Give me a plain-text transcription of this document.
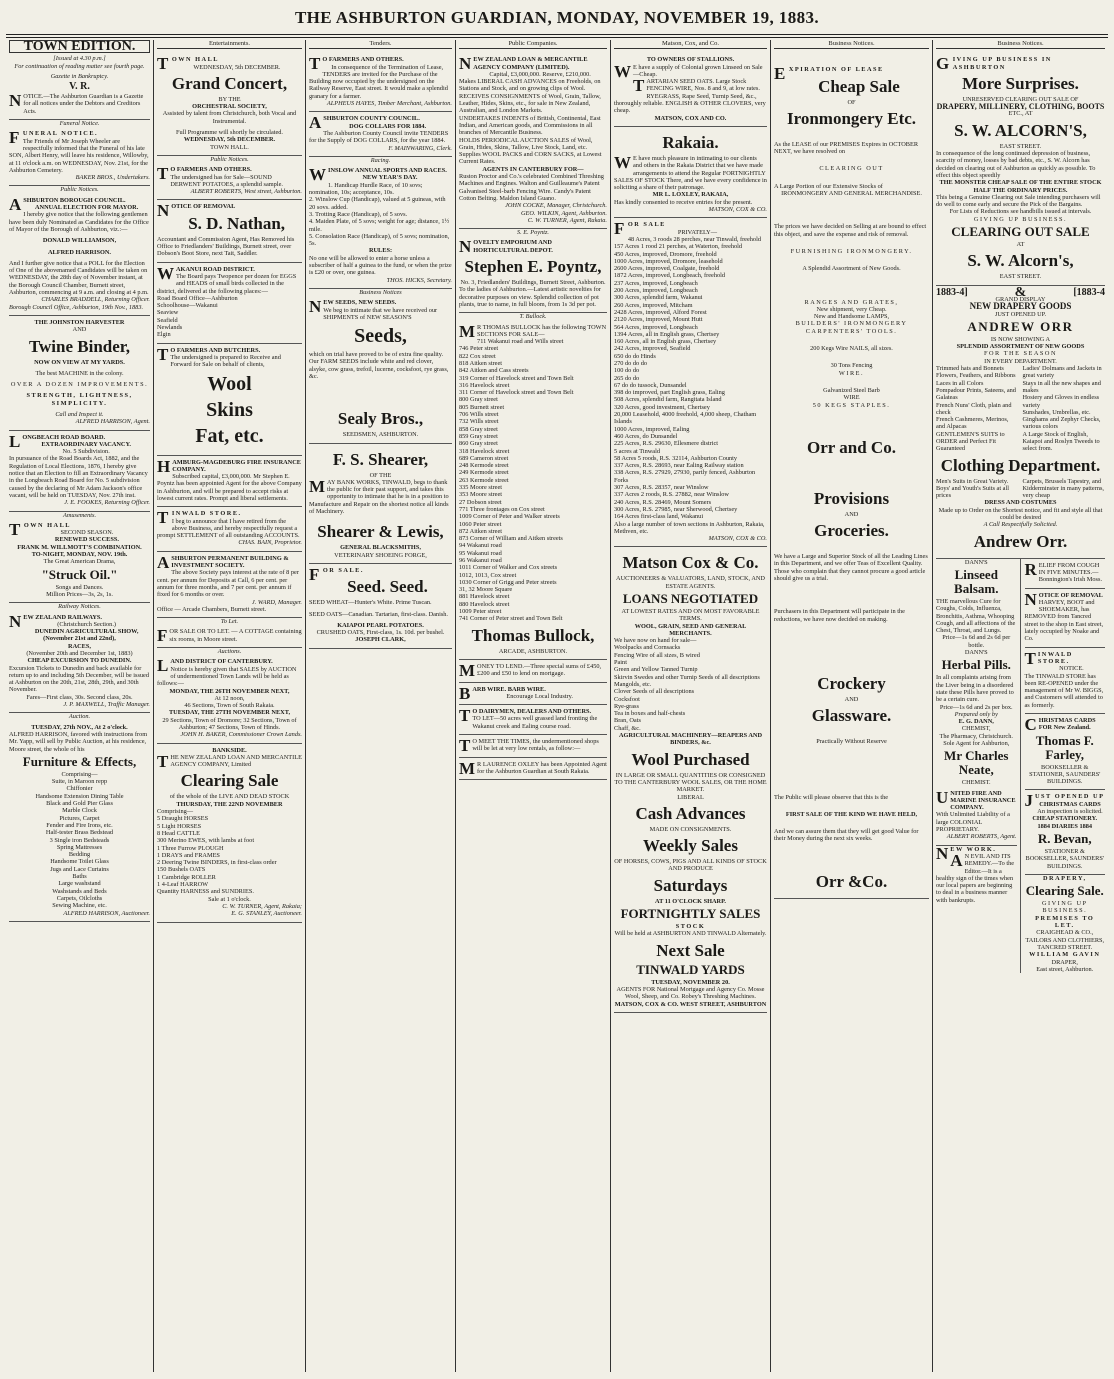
THE ASHBURTON GUARDIAN, MONDAY, NOVEMBER 19, 1883.
TOWN EDITION.
[Issued at 4.30 p.m.]
For continuation of reading matter see fourth page.
Gazette in Bankruptcy.
V. R.
NOTICE.—The Ashburton Guardian is a Gazette for all notices under the Debtors and Creditors Acts.
Funeral Notice.
FUNERAL NOTICE.
The Friends of Mr Joseph Wheeler are respectfully informed that the Funeral of his late SON, Albert Henry, will leave his residence, Willowby, at 11 o'clock a.m. on WEDNESDAY, Nov. 21st, for the Ashburton Cemetery.
BAKER BROS., Undertakers.
Public Notices.
ASHBURTON BOROUGH COUNCIL.
ANNUAL ELECTION FOR MAYOR.
I hereby give notice that the following gentlemen have been duly Nominated as Candidates for the Office of Mayor of the Borough of Ashburton, viz.:—
DONALD WILLIAMSON,
ALFRED HARRISON.
And I further give notice that a POLL for the Election of One of the abovenamed Candidates will be taken on WEDNESDAY, the 28th day of November instant, at the Borough Council Chamber, Burnett street, Ashburton, commencing at 9 a.m. and closing at 4 p.m.
CHARLES BRADDELL, Returning Officer.
Borough Council Office, Ashburton, 19th Nov., 1883.
THE JOHNSTON HARVESTER
AND
Twine Binder,
NOW ON VIEW AT MY YARDS.
The best MACHINE in the colony.
OVER A DOZEN IMPROVEMENTS.
STRENGTH, LIGHTNESS, SIMPLICITY.
Call and Inspect it.
ALFRED HARRISON, Agent.
LONGBEACH ROAD BOARD.
EXTRAORDINARY VACANCY.
No. 5 Subdivision.
In pursuance of the Road Boards Act, 1882, and the Regulation of Local Elections, 1876, I hereby give notice that an Election to fill an Extraordinary Vacancy in the Longbeach Road Board for No. 5 subdivision caused by the declaring of Mr Adam Jackson's office vacant, will be held on TUESDAY, Nov. 27th inst.
J. E. FOOKES, Returning Officer.
Amusements.
TOWN HALL
SECOND SEASON.
RENEWED SUCCESS.
FRANK M. WILLMOTT'S COMBINATION.
TO-NIGHT, MONDAY, NOV. 19th.
The Great American Drama,
"Struck Oil."
Songs and Dances.
Million Prices—3s, 2s, 1s.
Railway Notices.
NEW ZEALAND RAILWAYS.
(Christchurch Section.)
DUNEDIN AGRICULTURAL SHOW, (November 21st and 22nd),
RACES,
(November 20th and December 1st, 1883)
CHEAP EXCURSION TO DUNEDIN.
Excursion Tickets to Dunedin and back available for return up to and including 5th December, will be issued at Ashburton on the 20th, 21st, 28th, 29th, and 30th November.
Fares—First class, 30s. Second class, 20s.
J. P. MAXWELL, Traffic Manager.
Auction.
TUESDAY, 27th NOV., At 2 o'clock.
ALFRED HARRISON, favored with instructions from Mr. Yapp, will sell by Public Auction, at his residence, Moore street, the whole of his
Furniture & Effects,
Comprising—
Suite, in Maroon repp
Chiffonier
Handsome Extension Dining Table
Black and Gold Pier Glass
Marble Clock
Pictures, Carpet
Fender and Fire Irons, etc.
Half-tester Brass Bedstead
3 Single iron Bedsteads
Spring Mattresses
Bedding
Handsome Toilet Glass
Jugs and Lace Curtains
Baths
Large washstand
Washstands and Beds
Carpets, Oilcloths
Sewing Machine, etc.
ALFRED HARRISON, Auctioneer.
Entertainments.
TOWN HALL
WEDNESDAY, 5th DECEMBER.
Grand Concert,
BY THE
ORCHESTRAL SOCIETY,
Assisted by talent from Christchurch, both Vocal and Instrumental.
Full Programme will shortly be circulated.
WEDNESDAY, 5th DECEMBER.
TOWN HALL.
Public Notices.
T O FARMERS AND OTHERS.
The undersigned has for Sale—SOUND DERWENT POTATOES, a splendid sample.
ALBERT ROBERTS, West street, Ashburton.
NOTICE OF REMOVAL
S. D. Nathan,
Accountant and Commission Agent, Has Removed his Office to Friedlanders' Buildings, Burnett street, over Dobson's Boot Store, next Tait, Saddler.
WAKANUI ROAD DISTRICT.
The Board pays Twopence per dozen for EGGS and HEADS of small birds collected in the district, delivered at the following places:—
Road Board Office—Ashburton
Schoolhouse—Wakanui
Seaview
Seafield
Newlands
Elgin
T O FARMERS AND BUTCHERS.
The undersigned is prepared to Receive and Forward for Sale on behalf of clients,
Wool
Skins
Fat, etc.
HAMBURG-MAGDEBURG FIRE INSURANCE COMPANY.
Subscribed capital, £3,000,000. Mr Stephen E. Poyntz has been appointed Agent for the above Company in Ashburton, and will be prepared to accept risks at lowest current rates. Prompt and liberal settlements.
TINWALD STORE.
I beg to announce that I have retired from the above Business, and hereby respectfully request a prompt SETTLEMENT of all outstanding ACCOUNTS.
CHAS. BAIN, Proprietor.
ASHBURTON PERMANENT BUILDING & INVESTMENT SOCIETY.
The above Society pays interest at the rate of 8 per cent. per annum for Deposits at Call, 6 per cent. per annum for three months, and 7 per cent. per annum if fixed for 6 months or over.
J. WARD, Manager.
Office — Arcade Chambers, Burnett street.
To Let.
FOR SALE OR TO LET. — A COTTAGE containing six rooms, in Moore street.
Auctions.
LAND DISTRICT OF CANTERBURY.
Notice is hereby given that SALES by AUCTION of undermentioned Town Lands will be held as follows:—
MONDAY, THE 26TH NOVEMBER NEXT,
At 12 noon,
46 Sections, Town of South Rakaia.
TUESDAY, THE 27TH NOVEMBER NEXT,
29 Sections, Town of Dromore; 32 Sections, Town of Ashburton; 47 Sections, Town of Hinds.
JOHN H. BAKER, Commissioner Crown Lands.
BANKSIDE.
THE NEW ZEALAND LOAN AND MERCANTILE AGENCY COMPANY, Limited
Clearing Sale
of the whole of the LIVE AND DEAD STOCK
THURSDAY, THE 22ND NOVEMBER
Comprising—
5 Draught HORSES
5 Light HORSES
8 Head CATTLE
300 Merino EWES, with lambs at foot
1 Three Furrow PLOUGH
1 DRAYS and FRAMES
2 Deering Twine BINDERS, in first-class order
150 Bushels OATS
1 Cambridge ROLLER
1 4-Leaf HARROW
Quantity HARNESS and SUNDRIES.
Sale at 1 o'clock.
C. W. TURNER, Agent, Rakaia;
E. G. STANLEY, Auctioneer.
Tenders.
T O FARMERS AND OTHERS.
In consequence of the Termination of Lease,
TENDERS are invited for the Purchase of the Building now occupied by the undersigned on the Railway Reserve, East street. It would make a splendid granary for a farmer.
ALPHEUS HAYES, Timber Merchant, Ashburton.
ASHBURTON COUNTY COUNCIL.
DOG COLLARS FOR 1884.
The Ashburton County Council invite TENDERS for the Supply of DOG COLLARS, for the year 1884.
F. MAINWARING, Clerk.
Racing.
WINSLOW ANNUAL SPORTS AND RACES.
NEW YEAR'S DAY.
1. Handicap Hurdle Race, of 10 sovs; nomination, 10s; acceptance, 10s.
2. Winslow Cup (Handicap), valued at 5 guineas, with 20 sovs. added.
3. Trotting Race (Handicap), of 5 sovs.
4. Maiden Plate, of 5 sovs; weight for age; distance, 1½ mile.
5. Consolation Race (Handicap), of 5 sovs; nomination, 5s.
RULES:
No one will be allowed to enter a horse unless a subscriber of half a guinea to the fund, or when the prize is £20 or over, one guinea.
THOS. HICKS, Secretary.
Business Notices
NEW SEEDS, NEW SEEDS.
We beg to intimate that we have received our SHIPMENTS of NEW SEASON'S
Seeds,
which on trial have proved to be of extra fine quality. Our FARM SEEDS include white and red clover, alsyke, cow grass, trefoil, lucerne, cocksfoot, rye grass, &c.
Sealy Bros.,
SEEDSMEN, ASHBURTON.
F. S. Shearer,
OF THE
MAY BANK WORKS, TINWALD, begs to thank the public for their past support, and takes this opportunity to intimate that he is in a position to Manufacture and Repair on the shortest notice all kinds of Machinery.
Shearer & Lewis,
GENERAL BLACKSMITHS,
VETERINARY SHOEING FORGE,
FOR SALE.
Seed. Seed.
SEED WHEAT—Hunter's White. Prime Tuscan.
SEED OATS—Canadian. Tartarian, first-class. Danish.
KAIAPOI PEARL POTATOES.
CRUSHED OATS, First-class, 1s. 10d. per bushel.
JOSEPH CLARK,
Public Companies.
NEW ZEALAND LOAN & MERCANTILE AGENCY COMPANY (LIMITED).
Capital, £3,000,000. Reserve, £210,000.
Makes LIBERAL CASH ADVANCES on Freeholds, on Stations and Stock, and on growing clips of Wool.
RECEIVES CONSIGNMENTS of Wool, Grain, Tallow, Leather, Hides, Skins, etc., for sale in New Zealand, Australian, and London Markets.
UNDERTAKES INDENTS of British, Continental, East Indian, and American goods, and Commissions in all branches of Mercantile Business.
HOLDS PERIODICAL AUCTION SALES of Wool, Grain, Hides, Skins, Tallow, Live Stock, Land, etc.
Supplies WOOL PACKS and CORN SACKS, at Lowest Current Rates.
AGENTS IN CANTERBURY FOR—
Ruston Proctor and Co.'s celebrated Combined Threshing Machines and Engines. Walton and Guilleaume's Patent Galvanised Steel-barb Fencing Wire. Candy's Patent Cotton Belting. Maldon Island Guano.
JOHN COCKE, Manager, Christchurch.
GEO. WILKIN, Agent, Ashburton.
C. W. TURNER, Agent, Rakaia.
S. E. Poyntz.
NOVELTY EMPORIUM AND HORTICULTURAL DEPOT.
Stephen E. Poyntz,
No. 3, Friedlanders' Buildings, Burnett Street, Ashburton.
To the ladies of Ashburton.—Latest artistic novelties for decorative purposes on view. Splendid collection of pot plants, true to name, in full bloom, from 1s 3d per pot.
T. Bullock.
M R THOMAS BULLOCK has the following TOWN SECTIONS FOR SALE—
711 Wakanui road and Wills street
746 Peter street
822 Cox street
818 Aitken street
842 Aitken and Cass streets
319 Corner of Havelock street and Town Belt
316 Havelock street
311 Corner of Havelock street and Town Belt
800 Gray street
805 Burnett street
706 Wills street
732 Wills street
858 Gray street
859 Gray street
860 Gray street
318 Havelock street
689 Cameron street
248 Kermode street
249 Kermode street
263 Kermode street
335 Moore street
353 Moore street
27 Dobson street
771 Three frontages on Cox street
1009 Corner of Peter and Walker streets
1060 Peter street
872 Aitken street
873 Corner of William and Aitken streets
94 Wakanui road
95 Wakanui road
96 Wakanui road
1011 Corner of Walker and Cox streets
1012, 1013, Cox street
1030 Corner of Grigg and Peter streets
31, 32 Moore Square
881 Havelock street
880 Havelock street
1009 Peter street
741 Corner of Peter street and Town Belt
Thomas Bullock,
ARCADE, ASHBURTON.
MONEY TO LEND.—Three special sums of £450, £200 and £50 to lend on mortgage.
BARB WIRE. BARB WIRE.
Encourage Local Industry.
T O DAIRYMEN, DEALERS AND OTHERS.
TO LET—50 acres well grassed land fronting the Wakanui creek and Ealing course road.
T O MEET THE TIMES, the undermentioned shops will be let at very low rentals, as follow:—
M R LAURENCE OXLEY has been Appointed Agent for the Ashburton Guardian at South Rakaia.
Matson, Cox, and Co.
TO OWNERS OF STALLIONS.
W E have a supply of Colonial grown Linseed on Sale—Cheap.
TARTARIAN SEED OATS. Large Stock
FENCING WIRE, Nos. 8 and 9, at low rates.
RYEGRASS, Rape Seed, Turnip Seed, &c., thoroughly reliable. ENGLISH & OTHER CLOVERS, very cheap.
MATSON, COX AND CO.
Rakaia.
W E have much pleasure in intimating to our clients and others in the Rakaia District that we have made arrangements to attend the Regular FORTNIGHTLY SALES OF STOCK There, and we have every confidence in soliciting a share of their patronage.
MR L. LOXLEY, RAKAIA,
Has kindly consented to receive entries for the present.
MATSON, COX & CO.
FOR SALE
PRIVATELY—
48 Acres, 3 roods 28 perches, near Tinwald, freehold
157 Acres 1 rood 21 perches, at Waterton, freehold
450 Acres, improved, Dromore, freehold
1000 Acres, improved, Dromore, leasehold
2600 Acres, improved, Coalgate, freehold
1872 Acres, improved, Longbeach, freehold
237 Acres, improved, Longbeach
200 Acres, improved, Longbeach
300 Acres, splendid farm, Wakanui
260 Acres, improved, Mitcham
2428 Acres, improved, Alford Forest
2120 Acres, improved, Mount Hutt
564 Acres, improved, Longbeach
1394 Acres, all in English grass, Chertsey
160 Acres, all in English grass, Chertsey
242 Acres, improved, Seafield
650 do do Hinds
270 do do do
100 do do
265 do do
67 do do tussock, Dunsandel
398 do improved, part English grass, Ealing
508 Acres, splendid farm, Rangitata Island
320 Acres, good investment, Chertsey
20,000 Leasehold, 4000 freehold, 4,000 sheep, Chatham Islands
1000 Acres, improved, Ealing
460 Acres, do Dunsandel
225 Acres, R.S. 29630, Ellesmere district
5 acres at Tinwald
58 Acres 5 roods, R.S. 32114, Ashburton County
337 Acres, R.S. 28693, near Ealing Railway station
338 Acres, R.S. 27929, 27930, partly fenced, Ashburton Forks
307 Acres, R.S. 28357, near Winslow
337 Acres 2 roods, R.S. 27882, near Winslow
240 Acres, R.S. 28469, Mount Somers
300 Acres, R.S. 27985, near Sherwood, Chertsey
164 Acres first-class land, Wakanui
Also a large number of town sections in Ashburton, Rakaia, Methven, etc.
MATSON, COX & CO.
Matson Cox & Co.
AUCTIONEERS & VALUATORS, LAND, STOCK, AND ESTATE AGENTS.
LOANS NEGOTIATED
AT LOWEST RATES AND ON MOST FAVORABLE TERMS.
WOOL, GRAIN, SEED AND GENERAL MERCHANTS.
We have now on hand for sale—
Woolpacks and Cornsacks
Fencing Wire of all sizes, B wired
Paint
Green and Yellow Tanned Turnip
Skirvin Swedes and other Turnip Seeds of all descriptions
Mangolds, etc.
Clover Seeds of all descriptions
Cocksfoot
Rye-grass
Tea in boxes and half-chests
Bran, Oats
Chaff, &c.
AGRICULTURAL MACHINERY—REAPERS AND BINDERS, &c.
Wool Purchased
IN LARGE OR SMALL QUANTITIES OR CONSIGNED TO THE CANTERBURY WOOL SALES, OR THE HOME MARKET.
LIBERAL
Cash Advances
MADE ON CONSIGNMENTS.
Weekly Sales
OF HORSES, COWS, PIGS AND ALL KINDS OF STOCK AND PRODUCE
Saturdays
AT 11 O'CLOCK SHARP.
FORTNIGHTLY SALES
STOCK
Will be held at ASHBURTON AND TINWALD Alternately.
Next Sale
TINWALD YARDS
TUESDAY, NOVEMBER 20.
AGENTS FOR National Mortgage and Agency Co. Mosse Wool, Sheep, and Co. Robey's Threshing Machines.
MATSON, COX & CO. WEST STREET, ASHBURTON
Business Notices.
EXPIRATION OF LEASE
Cheap Sale
OF
Ironmongery Etc.
As the LEASE of our PREMISES Expires in OCTOBER NEXT, we have resolved on
CLEARING OUT
A Large Portion of our Extensive Stocks of
IRONMONGERY AND GENERAL MERCHANDISE.
The prices we have decided on Selling at are bound to effect this object, and save the expense and risk of removal.
FURNISHING IRONMONGERY.
A Splendid Assortment of New Goods.
RANGES AND GRATES,
New shipment, very Cheap.
New and Handsome LAMPS,
BUILDERS' IRONMONGERY
CARPENTERS' TOOLS.
200 Kegs Wire NAILS, all sizes.
30 Tons Fencing
WIRE.
Galvanized Steel Barb
WIRE
50 KEGS STAPLES.
Orr and Co.
Provisions
AND
Groceries.
We have a Large and Superior Stock of all the Leading Lines in this Department, and we offer Teas of Excellent Quality. Those who complain that they cannot procure a good article should give us a trial.
Purchasers in this Department will participate in the reductions, we have now decided on making.
Crockery
AND
Glassware.
Practically Without Reserve
The Public will please observe that this is the
FIRST SALE OF THE KIND WE HAVE HELD,
And we can assure them that they will get good Value for their Money during the next six weeks.
Orr &Co.
Business Notices.
GIVING UP BUSINESS IN ASHBURTON
More Surprises.
UNRESERVED CLEARING OUT SALE OF
DRAPERY, MILLINERY, CLOTHING, BOOTS
ETC., AT
S. W. ALCORN'S,
EAST STREET.
In consequence of the long continued depression of business, scarcity of money, losses by bad debts, etc., S. W. Alcorn has decided on clearing out of Ashburton as quickly as possible. To effect this object speedily
THE MONSTER CHEAP SALE OF THE ENTIRE STOCK
HALF THE ORDINARY PRICES.
This being a Genuine Clearing out Sale intending purchasers will do well to come early and secure the Pick of the Bargains.
For Lists of Reductions see handbills issued at intervals.
GIVING UP BUSINESS.
CLEARING OUT SALE
AT
S. W. Alcorn's,
EAST STREET.
1883-4]	&	[1883-4
GRAND DISPLAY
NEW DRAPERY GOODS
JUST OPENED UP.
ANDREW ORR
IS NOW SHOWING A
SPLENDID ASSORTMENT OF NEW GOODS
FOR THE SEASON
IN EVERY DEPARTMENT.
Trimmed hats and Bonnets
Flowers, Feathers, and Ribbons
Laces in all Colors
Pompadour Prints, Sateens, and Galateas
French Nuns' Cloth, plain and check
French Cashmeres, Merinos, and Alpacas
Ladies' Dolmans and Jackets in great variety
Stays in all the new shapes and makes
Hosiery and Gloves in endless variety
Sunshades, Umbrellas, etc.
Ginghams and Zephyr Checks, various colors
GENTLEMEN'S SUITS to ORDER and Perfect Fit Guaranteed
A Large Stock of English, Kaiapoi and Roslyn Tweeds to select from.
Clothing Department.
Men's Suits in Great Variety. Boys' and Youth's Suits at all prices
Carpets, Brussels Tapestry, and Kidderminster in many patterns, very cheap
DRESS AND COSTUMES
Made up to Order on the Shortest notice, and fit and style all that could be desired
A Call Respectfully Solicited.
Andrew Orr.
DANN'S
Linseed Balsam.
THE marvellous Cure for Coughs, Colds, Influenza, Bronchitis, Asthma, Whooping Cough, and all affections of the Chest, Throat, and Lungs.
Price—1s 6d and 2s 6d per bottle.
DANN'S
Herbal Pills.
In all complaints arising from the Liver being in a disordered state these Pills have proved to be a certain cure.
Price—1s 6d and 2s per box.
Prepared only by
E. G. DANN,
CHEMIST,
The Pharmacy, Christchurch.
Sole Agent for Ashburton,
Mr Charles Neate,
CHEMIST.
UNITED FIRE AND MARINE INSURANCE COMPANY.
With Unlimited Liability of a large COLONIAL PROPRIETARY.
ALBERT ROBERTS, Agent.
NEW WORK.
A N EVIL AND ITS REMEDY.—To the Editor.—It is a healthy sign of the times when our local papers are beginning to deal in a business manner with bankrupts.
RELIEF FROM COUGH IN FIVE MINUTES.—Bonnington's Irish Moss.
NOTICE OF REMOVAL
HARVEY, BOOT and SHOEMAKER, has REMOVED from Tancred street to the shop in East street, lately occupied by Noake and Co.
TINWALD STORE.
NOTICE.
The TINWALD STORE has been RE-OPENED under the management of Mr W. BIGGS, and Customers will attended to as formerly.
CHRISTMAS CARDS FOR New Zealand.
Thomas F. Farley,
BOOKSELLER & STATIONER, SAUNDERS' BUILDINGS.
JUST OPENED UP
CHRISTMAS CARDS
An inspection is solicited.
CHEAP STATIONERY.
1884 DIARIES 1884
R. Bevan,
STATIONER & BOOKSELLER, SAUNDERS' BUILDINGS.
DRAPERY,
Clearing Sale.
GIVING UP BUSINESS.
PREMISES TO LET.
CRAIGHEAD & CO., TAILORS AND CLOTHIERS, TANCRED STREET.
WILLIAM GAVIN
DRAPER,
East street, Ashburton.
